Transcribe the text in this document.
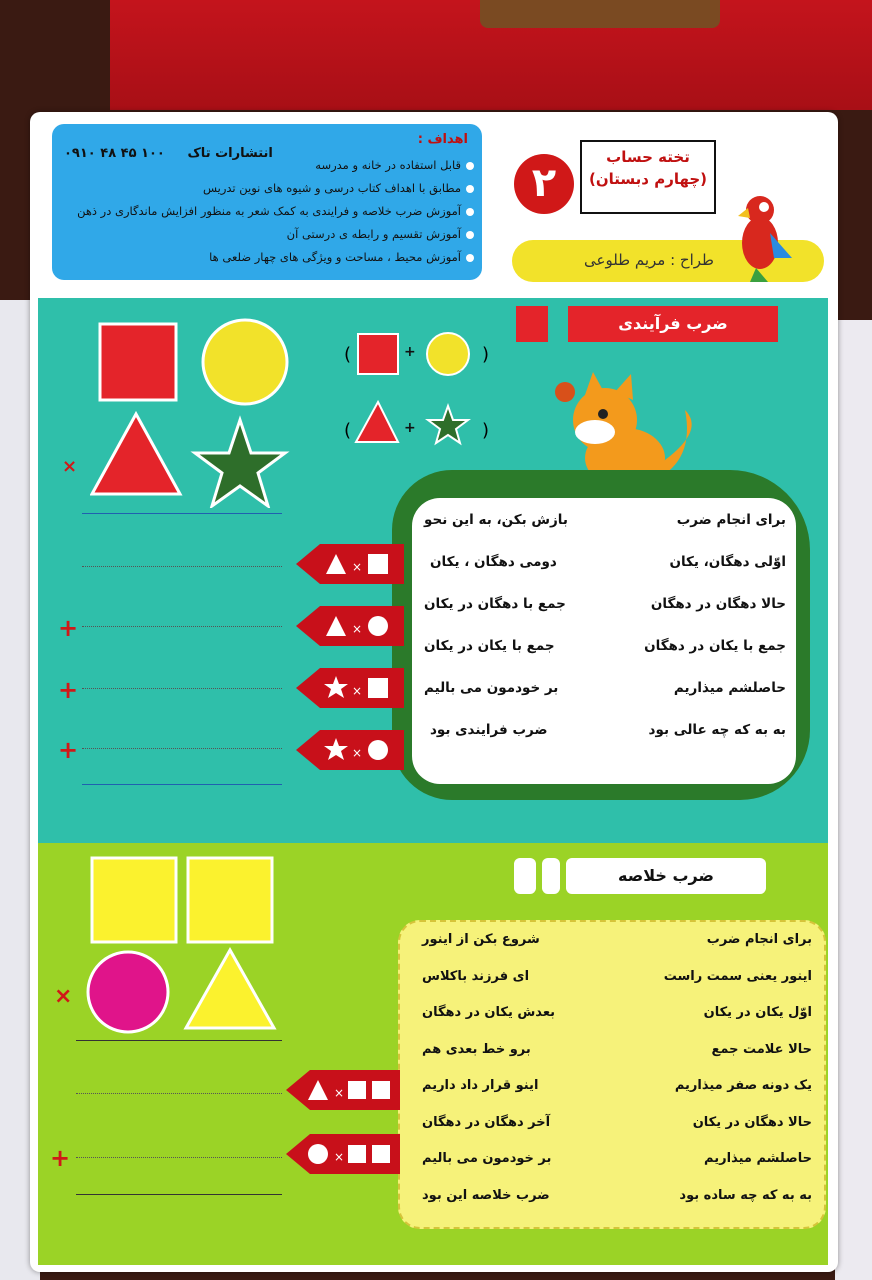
اهداف :
۰۹۱۰ ۴۸ ۴۵ ۱۰۰ انتشارات تاک
قابل استفاده در خانه و مدرسه
مطابق با اهداف کتاب درسی و شیوه های نوین تدریس
آموزش ضرب خلاصه و فرایندی به کمک شعر به منظور افزایش ماندگاری در ذهن
آموزش تقسیم و رابطه ی درستی آن
آموزش محیط ، مساحت و ویژگی های چهار ضلعی ها
۲
تخته حساب
(چهارم دبستان)
طراح : مریم طلوعی
ضرب فرآیندی
×
(	)
(	)
+
+
برای انجام ضرب
بازش بکن، به این نحو
اوّلی دهگان، یکان
دومی دهگان ، یکان
حالا دهگان در دهگان
جمع با دهگان در یکان
جمع با یکان در دهگان
جمع با یکان در یکان
حاصلشم میذاریم
بر خودمون می بالیم
به به که چه عالی بود
ضرب فرایندی بود
+
+
+
×
×
×
×
ضرب خلاصه
×
برای انجام ضرب
شروع بکن از اینور
اینور یعنی سمت راست
ای فرزند باکلاس
اوّل یکان در یکان
بعدش یکان در دهگان
حالا علامت جمع
برو خط بعدی هم
یک دونه صفر میذاریم
اینو قرار داد داریم
حالا دهگان در یکان
آخر دهگان در دهگان
حاصلشم میذاریم
بر خودمون می بالیم
به به که چه ساده بود
ضرب خلاصه این بود
+
×
×
